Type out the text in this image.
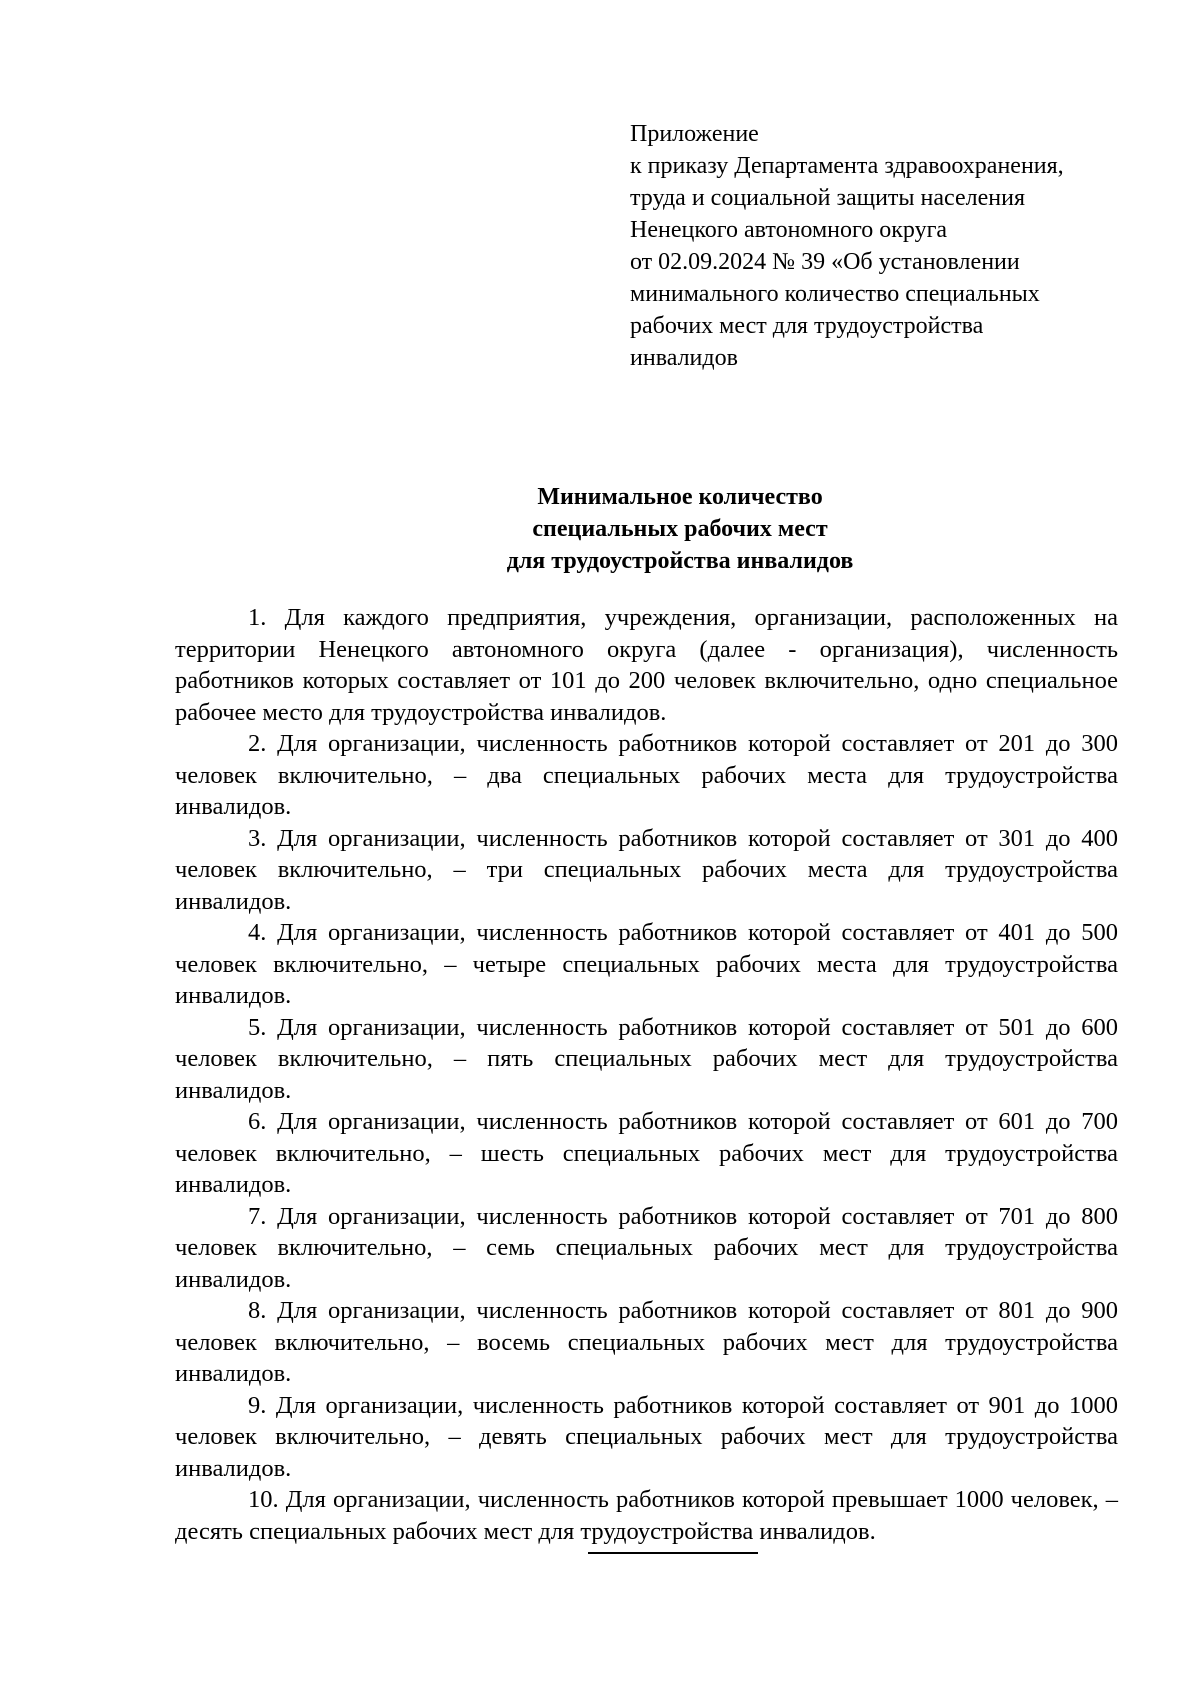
Приложение
к приказу Департамента здравоохранения,
труда и социальной защиты населения
Ненецкого автономного округа
от 02.09.2024 № 39 «Об установлении
минимального количество специальных
рабочих мест для трудоустройства
инвалидов
Минимальное количество
специальных рабочих мест
для трудоустройства инвалидов

1. Для каждого предприятия, учреждения, организации, расположенных на территории Ненецкого автономного округа (далее - организация), численность работников которых составляет от 101 до 200 человек включительно, одно специальное рабочее место для трудоустройства инвалидов.

2. Для организации, численность работников которой составляет от 201 до 300 человек включительно, – два специальных рабочих места для трудоустройства инвалидов.

3. Для организации, численность работников которой составляет от 301 до 400 человек включительно, – три специальных рабочих места для трудоустройства инвалидов.

4. Для организации, численность работников которой составляет от 401 до 500 человек включительно, – четыре специальных рабочих места для трудоустройства инвалидов.

5. Для организации, численность работников которой составляет от 501 до 600 человек включительно, – пять специальных рабочих мест для трудоустройства инвалидов.

6. Для организации, численность работников которой составляет от 601 до 700 человек включительно, – шесть специальных рабочих мест для трудоустройства инвалидов.

7. Для организации, численность работников которой составляет от 701 до 800 человек включительно, – семь специальных рабочих мест для трудоустройства инвалидов.

8. Для организации, численность работников которой составляет от 801 до 900 человек включительно, – восемь специальных рабочих мест для трудоустройства инвалидов.

9. Для организации, численность работников которой составляет от 901 до 1000 человек включительно, – девять специальных рабочих мест для трудоустройства инвалидов.

10. Для организации, численность работников которой превышает 1000 человек, – десять специальных рабочих мест для трудоустройства инвалидов.
